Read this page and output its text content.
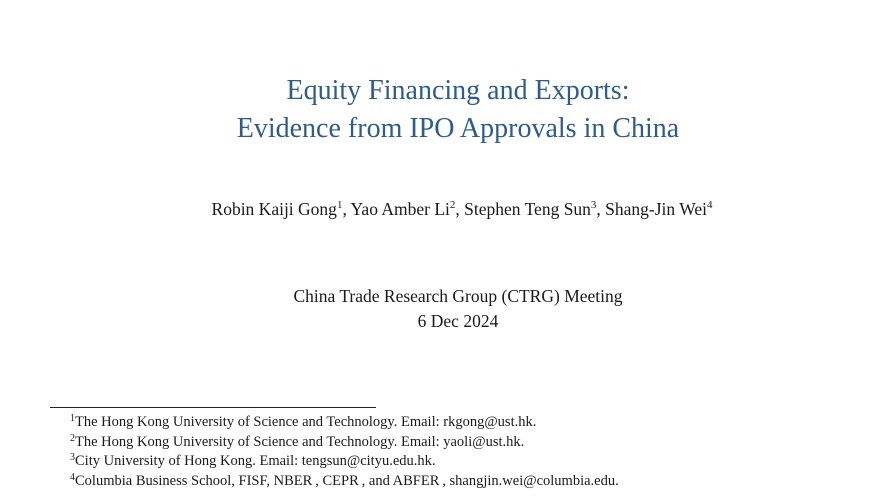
Equity Financing and Exports:
Evidence from IPO Approvals in China
Robin Kaiji Gong$^1$, Yao Amber Li$^2$, Stephen Teng Sun$^3$, Shang-Jin Wei$^4$
China Trade Research Group (CTRG) Meeting
6 Dec 2024
$^1$The Hong Kong University of Science and Technology. Email: rkgong@ust.hk.
$^2$The Hong Kong University of Science and Technology. Email: yaoli@ust.hk.
$^3$City University of Hong Kong. Email: tengsun@cityu.edu.hk.
$^4$Columbia Business School, FISF, NBER , CEPR , and ABFER , shangjin.wei@columbia.edu.
